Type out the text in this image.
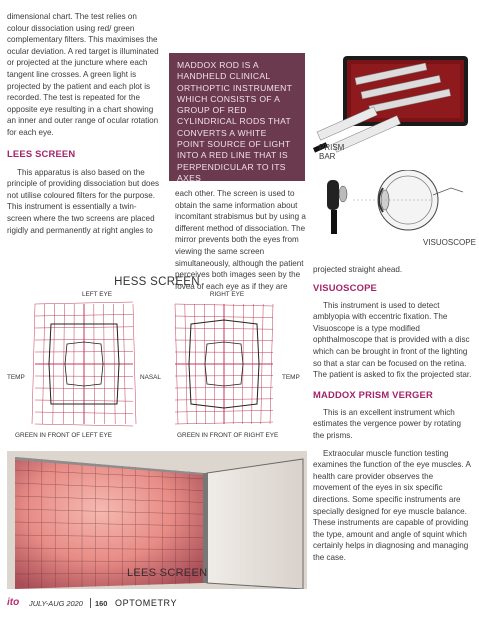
dimensional chart. The test relies on colour dissociation using red/ green complementary filters. This maximises the ocular deviation. A red target is illuminated or projected at the juncture where each tangent line crosses. A green light is projected by the patient and each plot is recorded. The test is repeated for the opposite eye resulting in a chart showing an inner and outer range of ocular rotation for each eye.

LEES SCREEN

This apparatus is also based on the principle of providing dissociation but does not utilise coloured filters for the purpose. This instrument is essentially a twin-screen where the two screens are placed rigidly and permanently at right angles to

MADDOX ROD IS A HANDHELD CLINICAL ORTHOPTIC INSTRUMENT WHICH CONSISTS OF A GROUP OF RED CYLINDRICAL RODS THAT CONVERTS A WHITE POINT SOURCE OF LIGHT INTO A RED LINE THAT IS PERPENDICULAR TO ITS AXES

each other. The screen is used to obtain the same information about incomitant strabismus but by using a different method of dissociation. The mirror prevents both the eyes from viewing the same screen simultaneously, although the patient perceives both images seen by the fovea of each eye as if they are

PRISM BAR
VISUOSCOPE

projected straight ahead.

VISUOSCOPE

This instrument is used to detect amblyopia with eccentric fixation. The Visuoscope is a type modified ophthalmoscope that is provided with a disc which can be brought in front of the lighting so that a star can be focused on the retina. The patient is asked to fix the projected star.

MADDOX PRISM VERGER

This is an excellent instrument which estimates the vergence power by rotating the prisms.

Extraocular muscle function testing examines the function of the eye muscles. A health care provider observes the movement of the eyes in six specific directions. Some specific instruments are specially designed for eye muscle balance. These instruments are capable of providing the type, amount and angle of squint which certainly helps in diagnosing and managing the case.

HESS SCREEN
LEFT EYE	RIGHT EYE
TEMP	NASAL	TEMP
GREEN IN FRONT OF LEFT EYE	GREEN IN FRONT OF RIGHT EYE
LEES SCREEN
ito JULY-AUG 2020 160 OPTOMETRY
